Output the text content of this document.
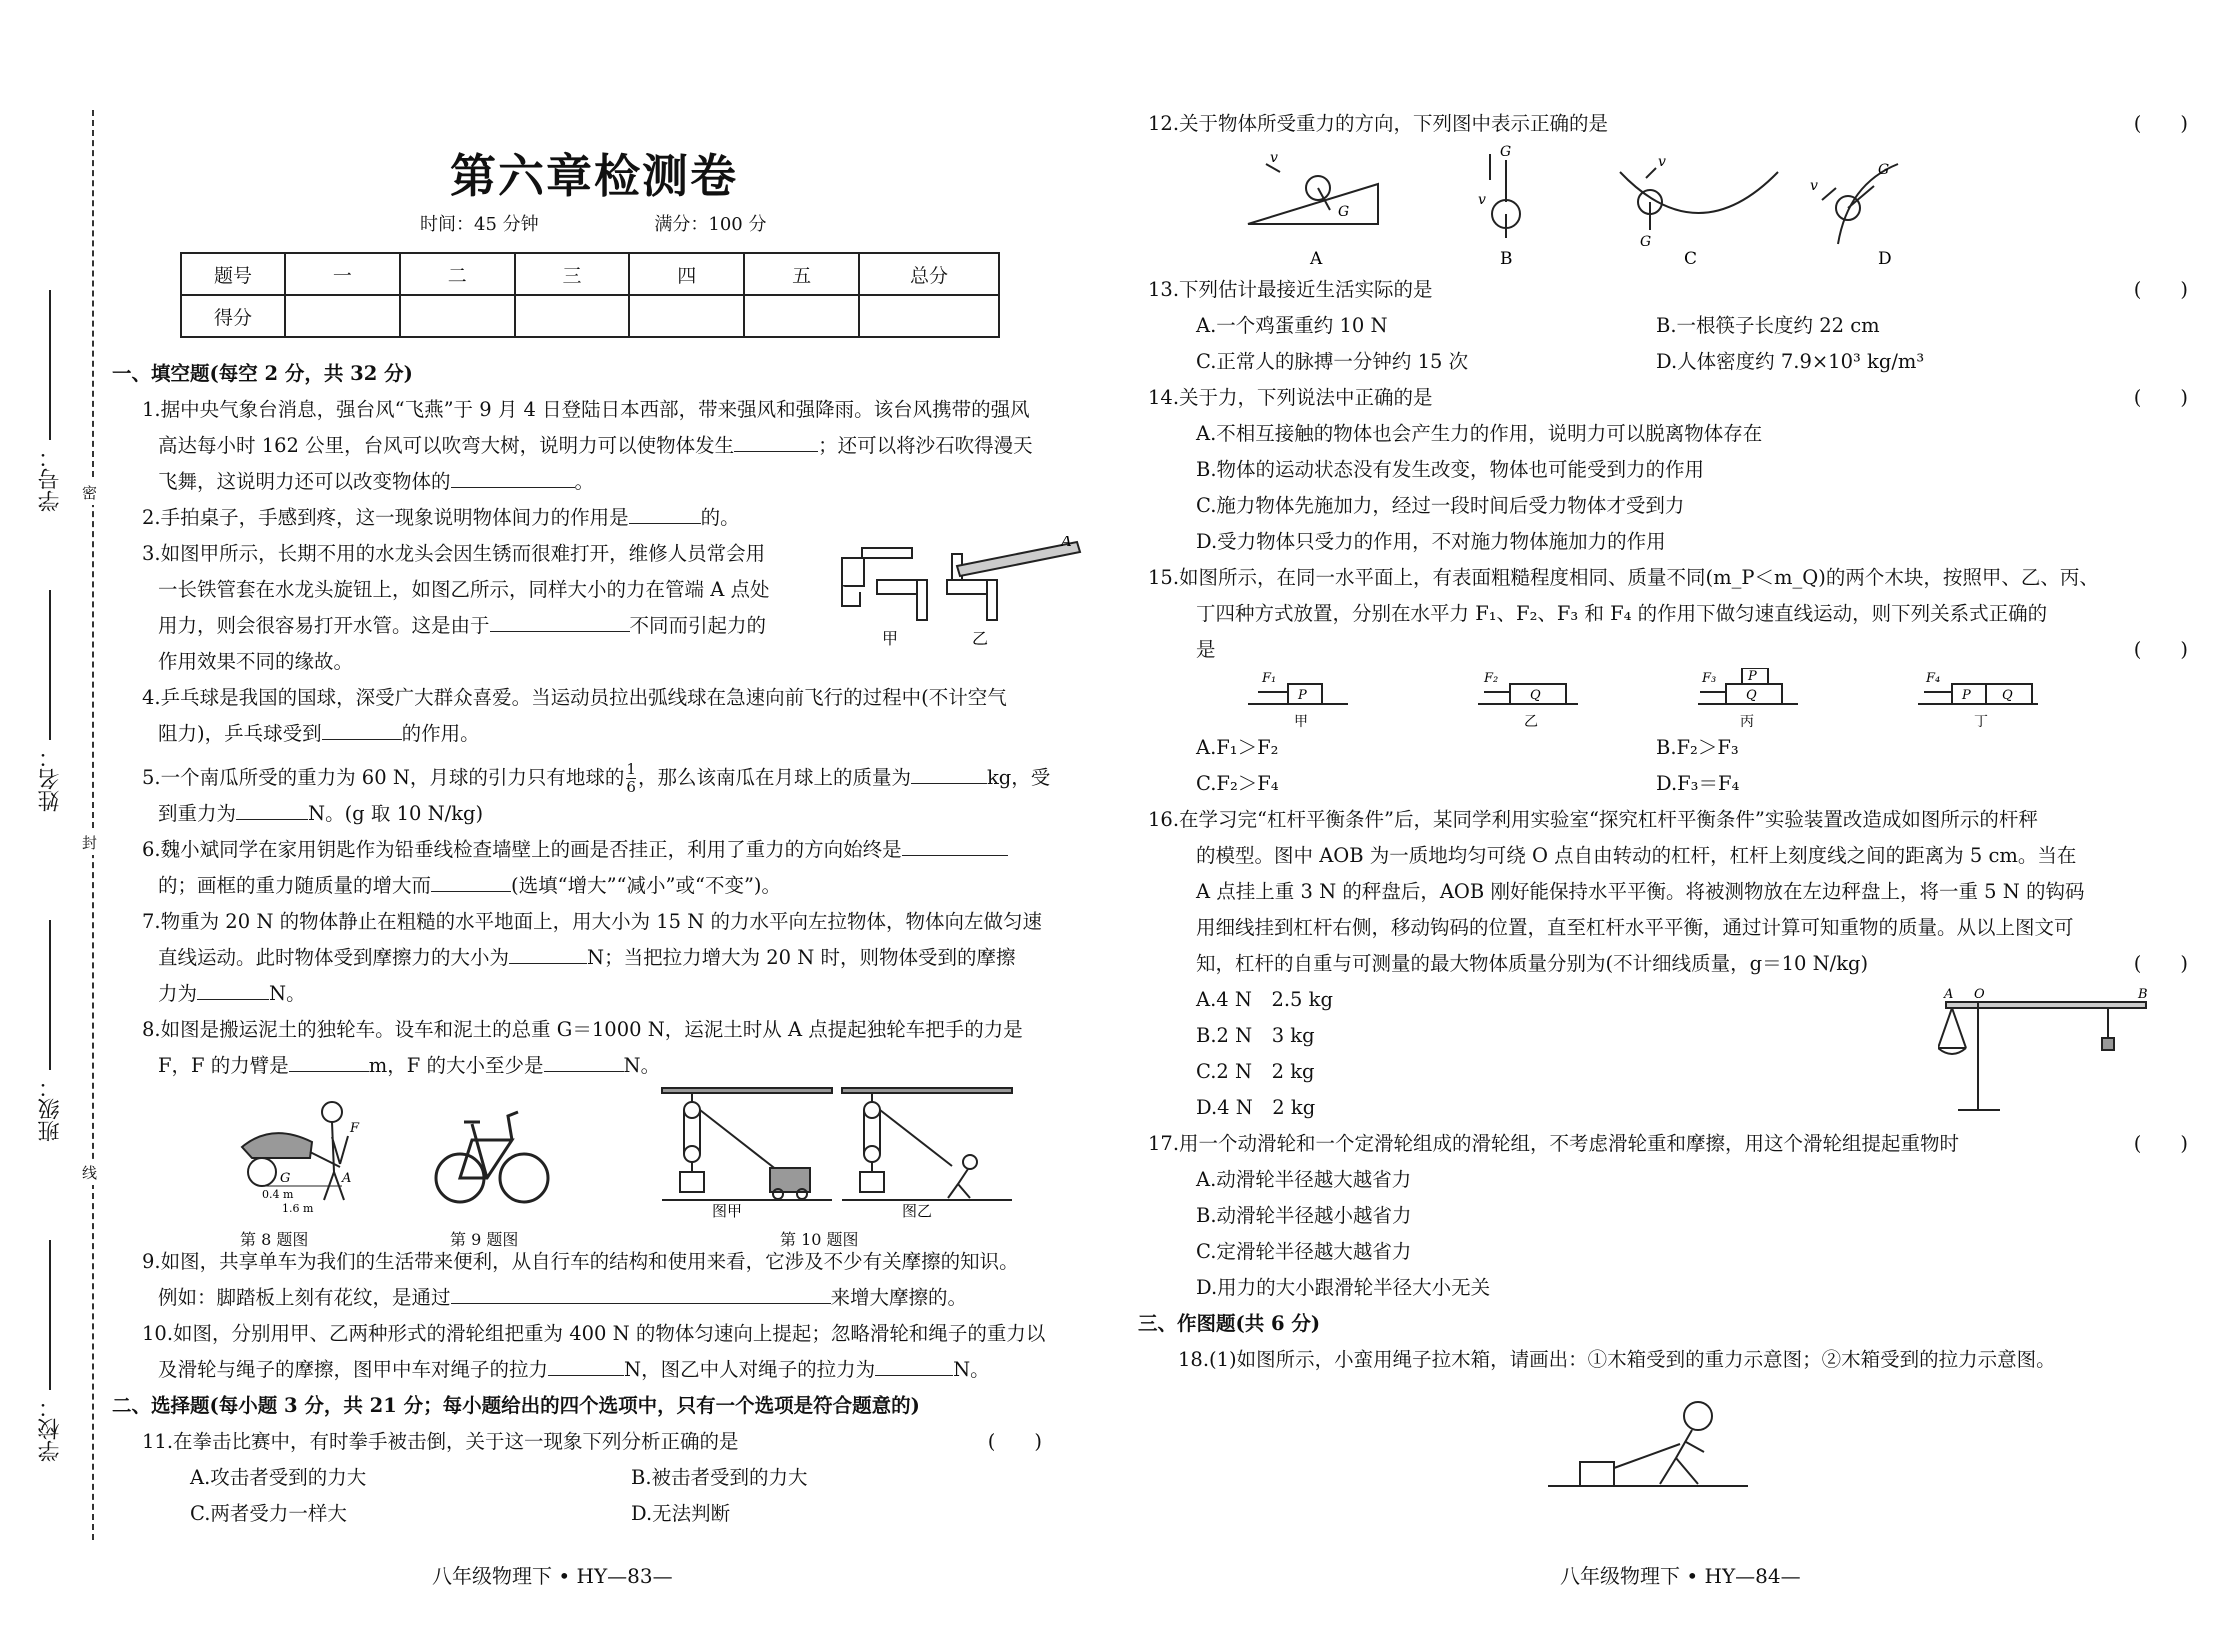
学号：
姓名：
班级：
学校：
密
封
线
第六章检测卷
时间：45 分钟	满分：100 分
题号	一	二	三	四	五	总分
得分						
一、填空题(每空 2 分，共 32 分)
1.据中央气象台消息，强台风“飞燕”于 9 月 4 日登陆日本西部，带来强风和强降雨。该台风携带的强风
高达每小时 162 公里，台风可以吹弯大树，说明力可以使物体发生	；还可以将沙石吹得漫天
飞舞，这说明力还可以改变物体的	。
2.手拍桌子，手感到疼，这一现象说明物体间力的作用是	的。
3.如图甲所示，长期不用的水龙头会因生锈而很难打开，维修人员常会用
一长铁管套在水龙头旋钮上，如图乙所示，同样大小的力在管端 A 点处
用力，则会很容易打开水管。这是由于	不同而引起力的
作用效果不同的缘故。
A
甲	乙
4.乒乓球是我国的国球，深受广大群众喜爱。当运动员拉出弧线球在急速向前飞行的过程中(不计空气
阻力)，乒乓球受到	的作用。
5.一个南瓜所受的重力为 60 N，月球的引力只有地球的 $\frac{1}{6}$ ，那么该南瓜在月球上的质量为	kg，受
到重力为	N。(g 取 10 N/kg)
6.魏小斌同学在家用钥匙作为铅垂线检查墙壁上的画是否挂正，利用了重力的方向始终是
的；画框的重力随质量的增大而	(选填“增大”“减小”或“不变”)。
7.物重为 20 N 的物体静止在粗糙的水平地面上，用大小为 15 N 的力水平向左拉物体，物体向左做匀速
直线运动。此时物体受到摩擦力的大小为	N；当把拉力增大为 20 N 时，则物体受到的摩擦
力为	N。
8.如图是搬运泥土的独轮车。设车和泥土的总重 G＝1000 N，运泥土时从 A 点提起独轮车把手的力是
F，F 的力臂是	m，F 的大小至少是	N。
F
A
G
0.4 m
1.6 m
第 8 题图	第 9 题图
图甲	图乙
第 10 题图
9.如图，共享单车为我们的生活带来便利，从自行车的结构和使用来看，它涉及不少有关摩擦的知识。
例如：脚踏板上刻有花纹，是通过	来增大摩擦的。
10.如图，分别用甲、乙两种形式的滑轮组把重为 400 N 的物体匀速向上提起；忽略滑轮和绳子的重力以
及滑轮与绳子的摩擦，图甲中车对绳子的拉力	N，图乙中人对绳子的拉力为	N。
二、选择题(每小题 3 分，共 21 分；每小题给出的四个选项中，只有一个选项是符合题意的)
11.在拳击比赛中，有时拳手被击倒，关于这一现象下列分析正确的是	(　　)
A.攻击者受到的力大	B.被击者受到的力大
C.两者受力一样大	D.无法判断
八年级物理下 • HY—83—
12.关于物体所受重力的方向，下列图中表示正确的是	(　　)
v
G
v
G
v
G
v
G
A	B	C	D
13.下列估计最接近生活实际的是	(　　)
A.一个鸡蛋重约 10 N	B.一根筷子长度约 22 cm
C.正常人的脉搏一分钟约 15 次	D.人体密度约 7.9×10³ kg/m³
14.关于力，下列说法中正确的是	(　　)
A.不相互接触的物体也会产生力的作用，说明力可以脱离物体存在
B.物体的运动状态没有发生改变，物体也可能受到力的作用
C.施力物体先施加力，经过一段时间后受力物体才受到力
D.受力物体只受力的作用，不对施力物体施加力的作用
15.如图所示，在同一水平面上，有表面粗糙程度相同、质量不同(m_P＜m_Q)的两个木块，按照甲、乙、丙、
丁四种方式放置，分别在水平力 F₁、F₂、F₃ 和 F₄ 的作用下做匀速直线运动，则下列关系式正确的
是	(　　)
F₁
P
F₂
Q
F₃ P
Q
F₄
P Q
甲	乙	丙	丁
A.F₁＞F₂	B.F₂＞F₃
C.F₂＞F₄	D.F₃＝F₄
16.在学习完“杠杆平衡条件”后，某同学利用实验室“探究杠杆平衡条件”实验装置改造成如图所示的杆秤
的模型。图中 AOB 为一质地均匀可绕 O 点自由转动的杠杆，杠杆上刻度线之间的距离为 5 cm。当在
A 点挂上重 3 N 的秤盘后，AOB 刚好能保持水平平衡。将被测物放在左边秤盘上，将一重 5 N 的钩码
用细线挂到杠杆右侧，移动钩码的位置，直至杠杆水平平衡，通过计算可知重物的质量。从以上图文可
知，杠杆的自重与可测量的最大物体质量分别为(不计细线质量，g＝10 N/kg)	(　　)
A.4 N　2.5 kg
B.2 N　3 kg
C.2 N　2 kg
D.4 N　2 kg
A O	B
17.用一个动滑轮和一个定滑轮组成的滑轮组，不考虑滑轮重和摩擦，用这个滑轮组提起重物时	(　　)
A.动滑轮半径越大越省力
B.动滑轮半径越小越省力
C.定滑轮半径越大越省力
D.用力的大小跟滑轮半径大小无关
三、作图题(共 6 分)
18.(1)如图所示，小蛮用绳子拉木箱，请画出：①木箱受到的重力示意图；②木箱受到的拉力示意图。
八年级物理下 • HY—84—
